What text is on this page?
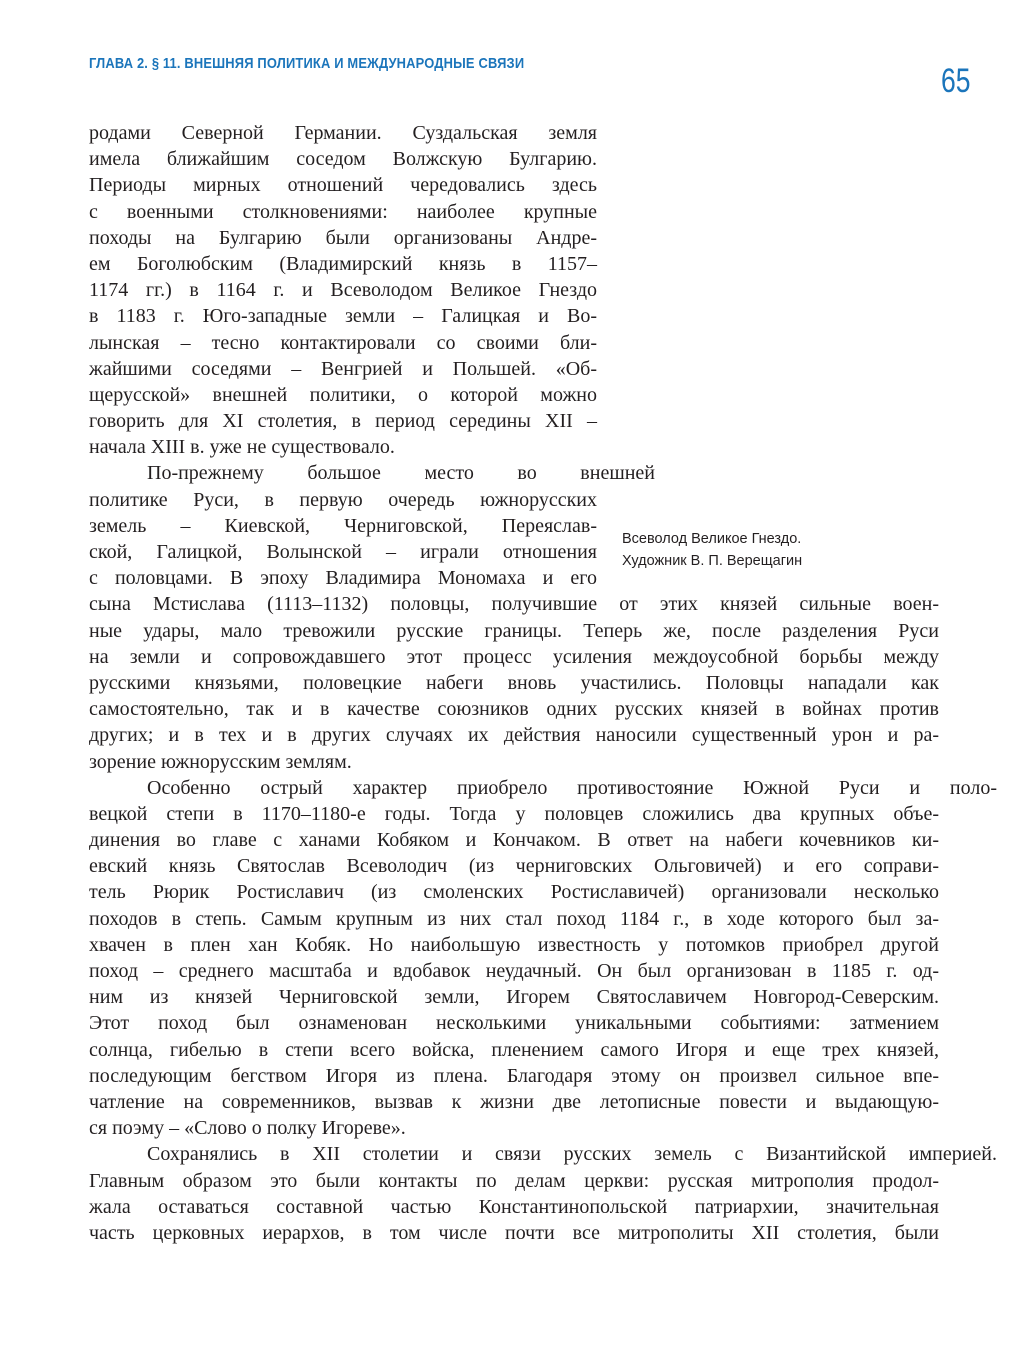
ГЛАВА 2. § 11. ВНЕШНЯЯ ПОЛИТИКА И МЕЖДУНАРОДНЫЕ СВЯЗИ	65
Всеволод Великое Гнездо.
Художник В. П. Верещагин
родами Северной Германии. Суздальская земля
имела ближайшим соседом Волжскую Булгарию.
Периоды мирных отношений чередовались здесь
с военными столкновениями: наиболее крупные
походы на Булгарию были организованы Андре-
ем Боголюбским (Владимирский князь в 1157–
1174 гг.) в 1164 г. и Всеволодом Великое Гнездо
в 1183 г. Юго-западные земли – Галицкая и Во-
лынская – тесно контактировали со своими бли-
жайшими соседями – Венгрией и Польшей. «Об-
щерусской» внешней политики, о которой можно
говорить для XI столетия, в период середины XII –
начала XIII в. уже не существовало.
По-прежнему большое место во внешней
политике Руси, в первую очередь южнорусских
земель – Киевской, Черниговской, Переяслав-
ской, Галицкой, Волынской – играли отношения
с половцами. В эпоху Владимира Мономаха и его
сына Мстислава (1113–1132) половцы, получившие от этих князей сильные воен-
ные удары, мало тревожили русские границы. Теперь же, после разделения Руси
на земли и сопровождавшего этот процесс усиления междоусобной борьбы между
русскими князьями, половецкие набеги вновь участились. Половцы нападали как
самостоятельно, так и в качестве союзников одних русских князей в войнах против
других; и в тех и в других случаях их действия наносили существенный урон и ра-
зорение южнорусским землям.
Особенно острый характер приобрело противостояние Южной Руси и поло-
вецкой степи в 1170–1180-е годы. Тогда у половцев сложились два крупных объе-
динения во главе с ханами Кобяком и Кончаком. В ответ на набеги кочевников ки-
евский князь Святослав Всеволодич (из черниговских Ольговичей) и его соправи-
тель Рюрик Ростиславич (из смоленских Ростиславичей) организовали несколько
походов в степь. Самым крупным из них стал поход 1184 г., в ходе которого был за-
хвачен в плен хан Кобяк. Но наибольшую известность у потомков приобрел другой
поход – среднего масштаба и вдобавок неудачный. Он был организован в 1185 г. од-
ним из князей Черниговской земли, Игорем Святославичем Новгород-Северским.
Этот поход был ознаменован несколькими уникальными событиями: затмением
солнца, гибелью в степи всего войска, пленением самого Игоря и еще трех князей,
последующим бегством Игоря из плена. Благодаря этому он произвел сильное впе-
чатление на современников, вызвав к жизни две летописные повести и выдающую-
ся поэму – «Слово о полку Игореве».
Сохранялись в XII столетии и связи русских земель с Византийской империей.
Главным образом это были контакты по делам церкви: русская митрополия продол-
жала оставаться составной частью Константинопольской патриархии, значительная
часть церковных иерархов, в том числе почти все митрополиты XII столетия, были
